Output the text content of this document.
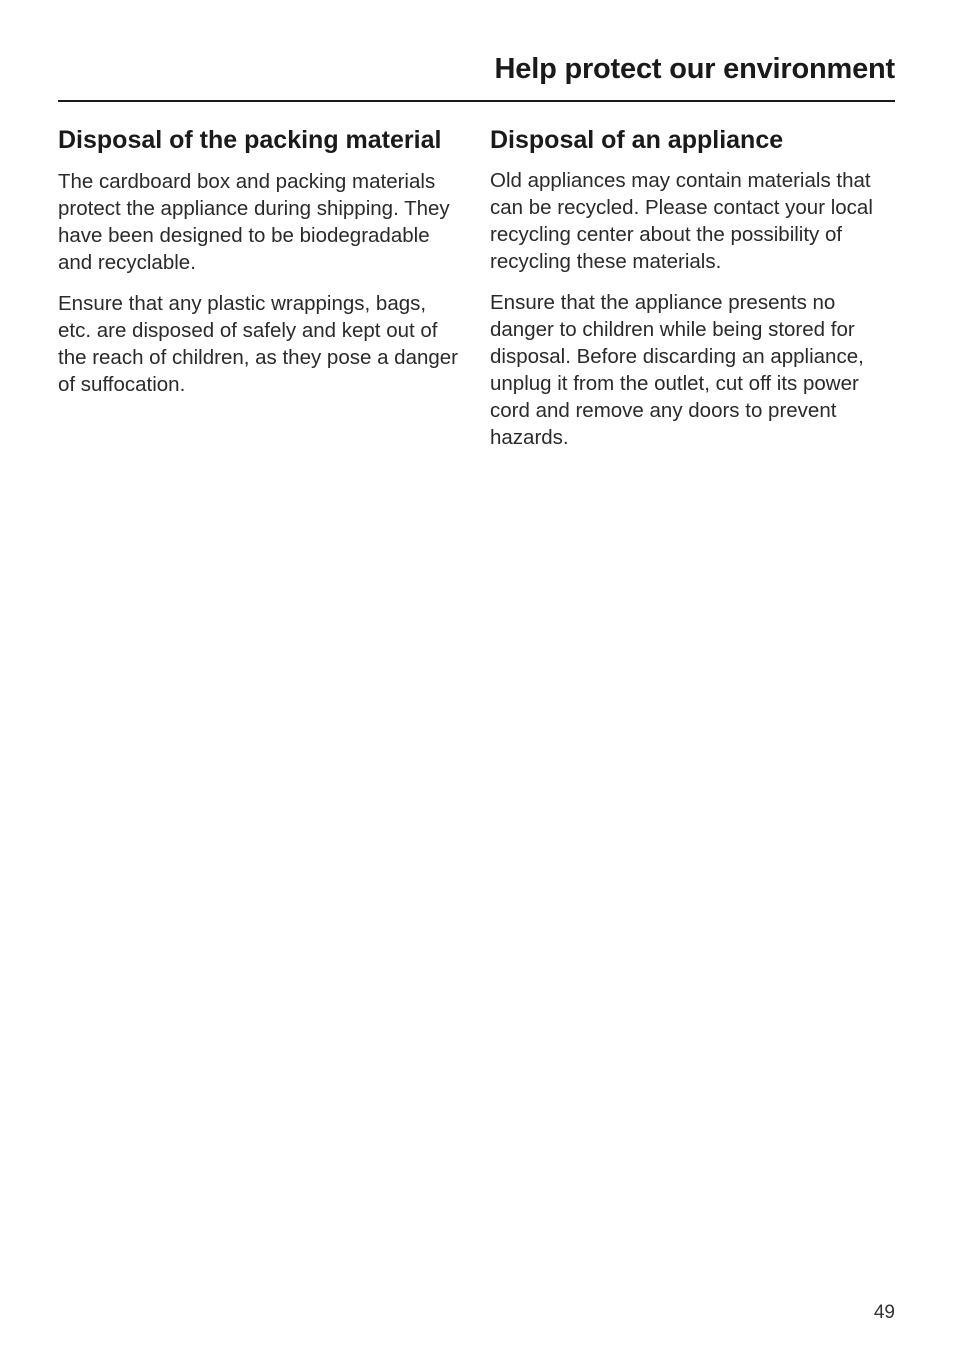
Help protect our environment
Disposal of the packing material

The cardboard box and packing materials protect the appliance during shipping. They have been designed to be biodegradable and recyclable.

Ensure that any plastic wrappings, bags, etc. are disposed of safely and kept out of the reach of children, as they pose a danger of suffocation.

Disposal of an appliance

Old appliances may contain materials that can be recycled. Please contact your local recycling center about the possibility of recycling these materials.

Ensure that the appliance presents no danger to children while being stored for disposal. Before discarding an appliance, unplug it from the outlet, cut off its power cord and remove any doors to prevent hazards.

49
